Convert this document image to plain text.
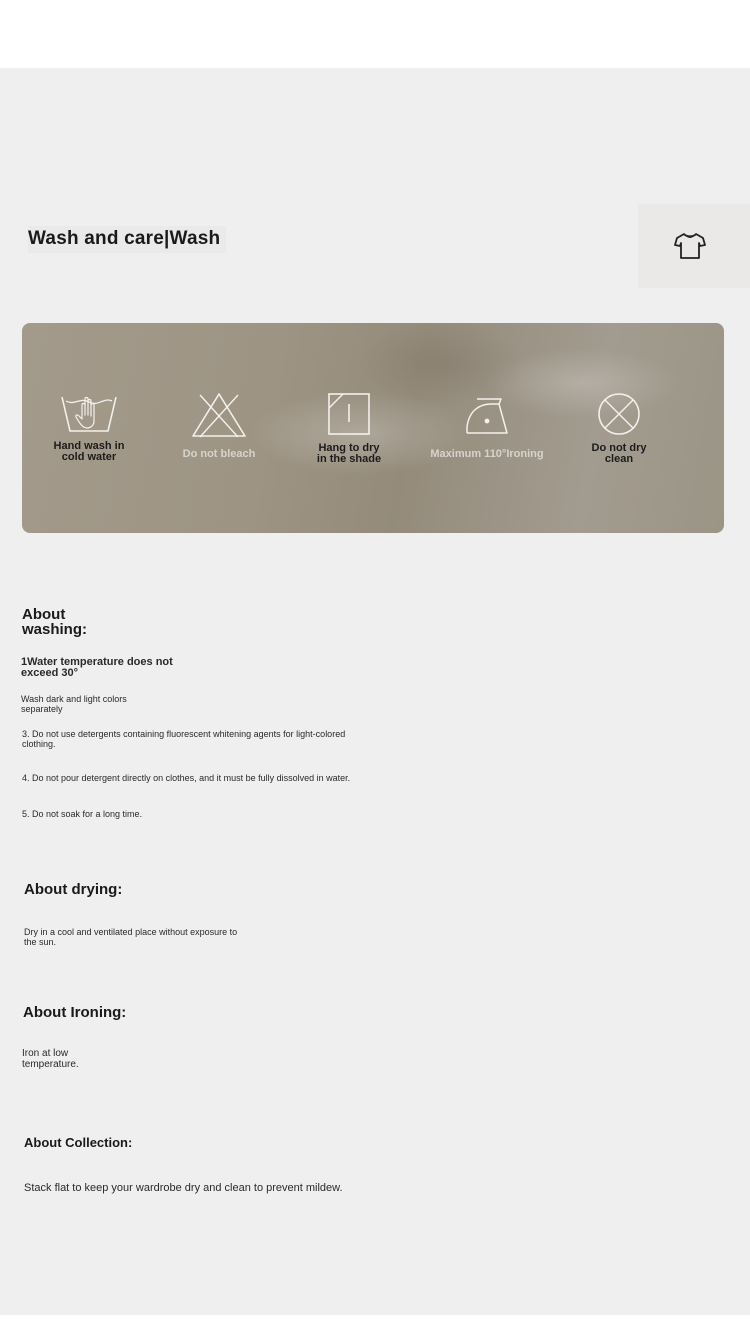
Wash and care|Wash
Hand wash in
cold water	Do not bleach	Hang to dry
in the shade	Maximum 110°Ironing	Do not dry
clean
About
washing:
1Water temperature does not
exceed 30°
Wash dark and light colors
separately
3. Do not use detergents containing fluorescent whitening agents for light-colored
clothing.
4. Do not pour detergent directly on clothes, and it must be fully dissolved in water.
5. Do not soak for a long time.
About drying:
Dry in a cool and ventilated place without exposure to
the sun.
About Ironing:
Iron at low
temperature.
About Collection:
Stack flat to keep your wardrobe dry and clean to prevent mildew.
